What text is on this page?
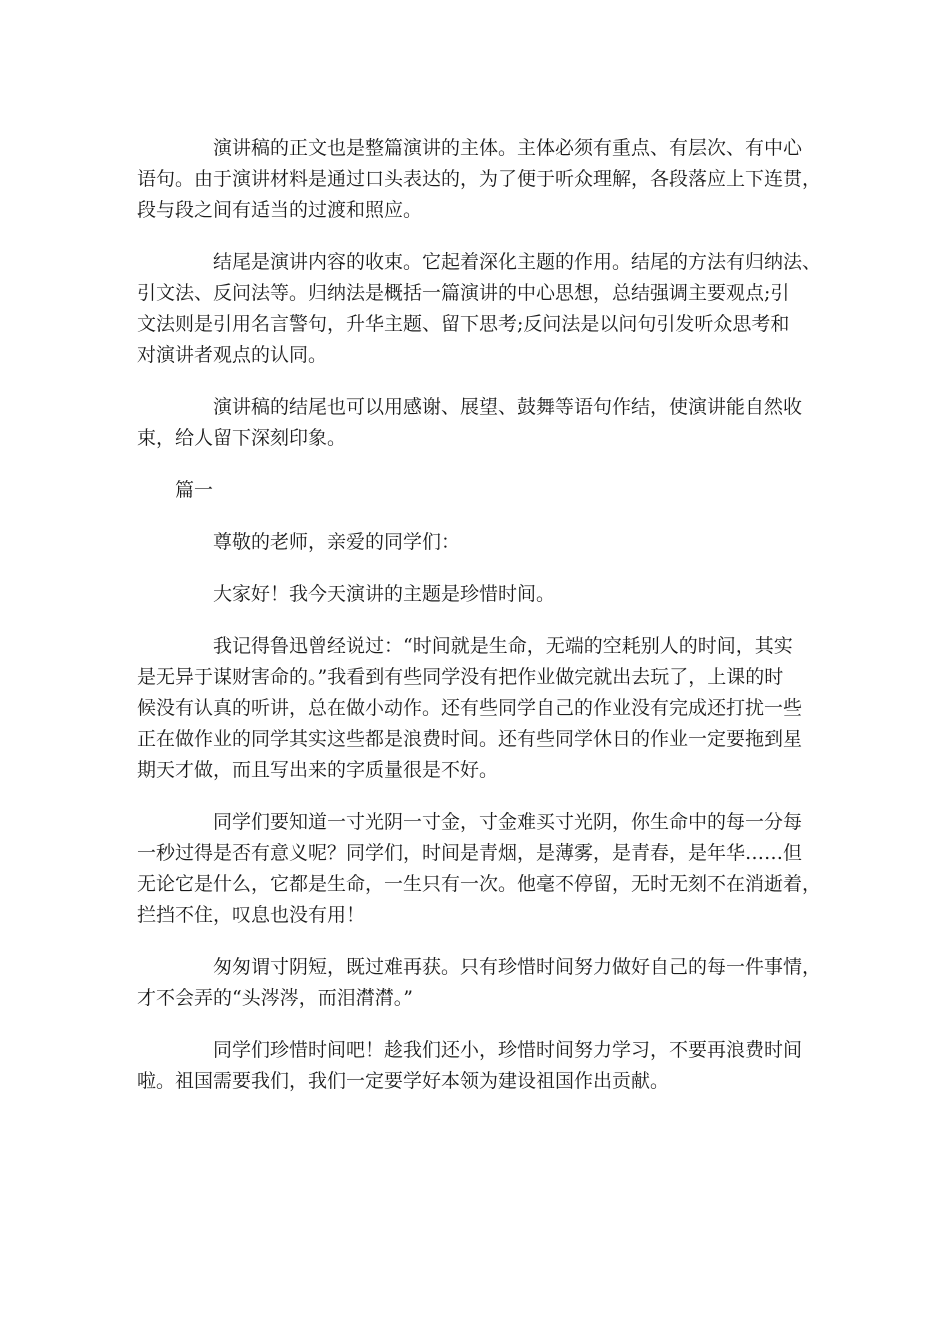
演讲稿的正文也是整篇演讲的主体。主体必须有重点、有层次、有中心
语句。由于演讲材料是通过口头表达的，为了便于听众理解，各段落应上下连贯，
段与段之间有适当的过渡和照应。
结尾是演讲内容的收束。它起着深化主题的作用。结尾的方法有归纳法、
引文法、反问法等。归纳法是概括一篇演讲的中心思想，总结强调主要观点;引
文法则是引用名言警句，升华主题、留下思考;反问法是以问句引发听众思考和
对演讲者观点的认同。
演讲稿的结尾也可以用感谢、展望、鼓舞等语句作结，使演讲能自然收
束，给人留下深刻印象。
篇一
尊敬的老师，亲爱的同学们：
大家好！我今天演讲的主题是珍惜时间。
我记得鲁迅曾经说过：“时间就是生命，无端的空耗别人的时间，其实
是无异于谋财害命的。”我看到有些同学没有把作业做完就出去玩了，上课的时
候没有认真的听讲，总在做小动作。还有些同学自己的作业没有完成还打扰一些
正在做作业的同学其实这些都是浪费时间。还有些同学休日的作业一定要拖到星
期天才做，而且写出来的字质量很是不好。
同学们要知道一寸光阴一寸金，寸金难买寸光阴，你生命中的每一分每
一秒过得是否有意义呢？同学们，时间是青烟，是薄雾，是青春，是年华……但
无论它是什么，它都是生命，一生只有一次。他毫不停留，无时无刻不在消逝着，
拦挡不住，叹息也没有用！
匆匆谓寸阴短，既过难再获。只有珍惜时间努力做好自己的每一件事情，
才不会弄的“头涔涔，而泪潸潸。”
同学们珍惜时间吧！趁我们还小，珍惜时间努力学习，不要再浪费时间
啦。祖国需要我们，我们一定要学好本领为建设祖国作出贡献。
